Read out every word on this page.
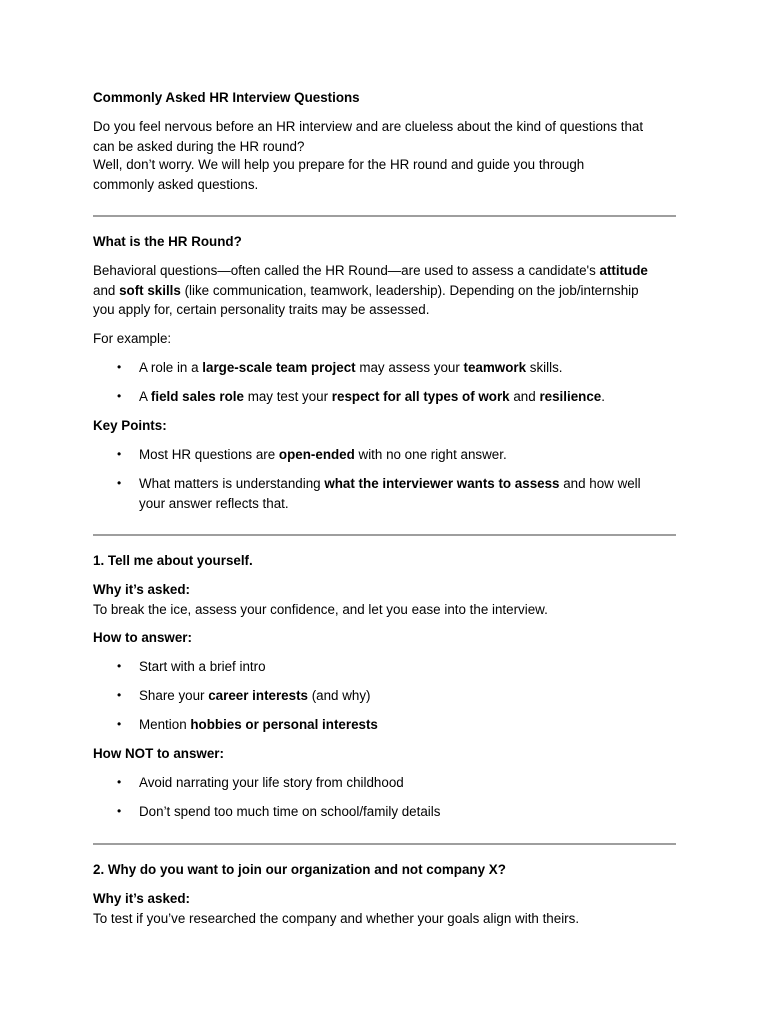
Commonly Asked HR Interview Questions
Do you feel nervous before an HR interview and are clueless about the kind of questions that
can be asked during the HR round?
Well, don’t worry. We will help you prepare for the HR round and guide you through
commonly asked questions.
What is the HR Round?
Behavioral questions—often called the HR Round—are used to assess a candidate's attitude
and soft skills (like communication, teamwork, leadership). Depending on the job/internship
you apply for, certain personality traits may be assessed.
For example:
• A role in a large-scale team project may assess your teamwork skills.
• A field sales role may test your respect for all types of work and resilience.
Key Points:
• Most HR questions are open-ended with no one right answer.
• What matters is understanding what the interviewer wants to assess and how well
your answer reflects that.
1. Tell me about yourself.
Why it’s asked:
To break the ice, assess your confidence, and let you ease into the interview.
How to answer:
• Start with a brief intro
• Share your career interests (and why)
• Mention hobbies or personal interests
How NOT to answer:
• Avoid narrating your life story from childhood
• Don’t spend too much time on school/family details
2. Why do you want to join our organization and not company X?
Why it’s asked:
To test if you’ve researched the company and whether your goals align with theirs.
